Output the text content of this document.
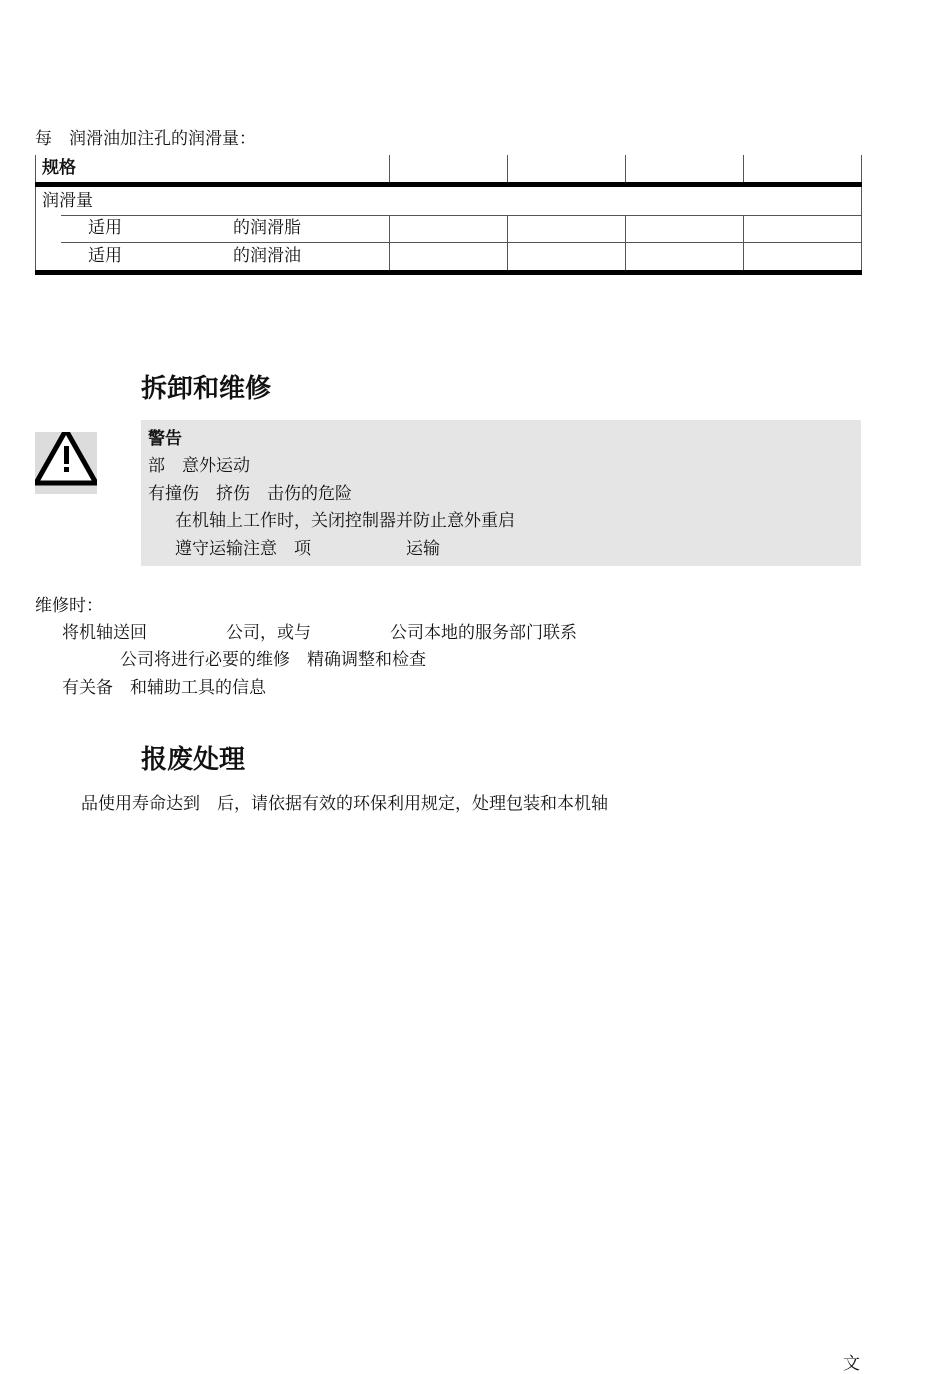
每　润滑油加注孔的润滑量：
规格
润滑量
适用	的润滑脂
适用	的润滑油
拆卸和维修
警告
部　意外运动
有撞伤　挤伤　击伤的危险
在机轴上工作时，关闭控制器并防止意外重启
遵守运输注意　项	运输
维修时：
将机轴送回	公司，或与	公司本地的服务部门联系
公司将进行必要的维修　精确调整和检查
有关备　和辅助工具的信息
报废处理
品使用寿命达到　后，请依据有效的环保利用规定，处理包装和本机轴
文
